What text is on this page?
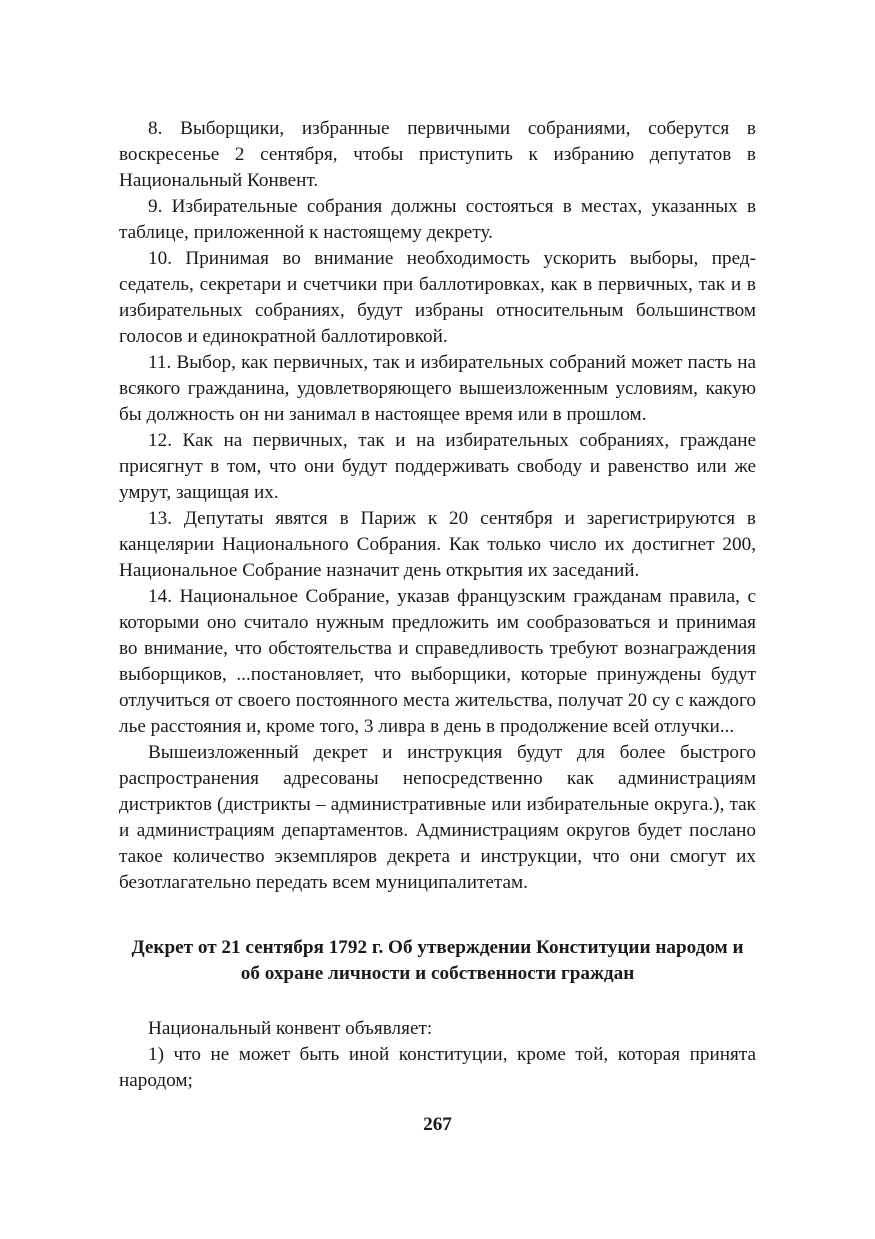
8. Выборщики, избранные первичными собраниями, соберутся в воскресенье 2 сентября, чтобы приступить к избранию депутатов в Национальный Конвент.

9. Избирательные собрания должны состояться в местах, указанных в таблице, приложенной к настоящему декрету.

10. Принимая во внимание необходимость ускорить выборы, председатель, секретари и счетчики при баллотировках, как в первичных, так и в избирательных собраниях, будут избраны относительным большинством голосов и единократной баллотировкой.

11. Выбор, как первичных, так и избирательных собраний может пасть на всякого гражданина, удовлетворяющего вышеизложенным условиям, какую бы должность он ни занимал в настоящее время или в прошлом.

12. Как на первичных, так и на избирательных собраниях, граждане присягнут в том, что они будут поддерживать свободу и равенство или же умрут, защищая их.

13. Депутаты явятся в Париж к 20 сентября и зарегистрируются в канцелярии Национального Собрания. Как только число их достигнет 200, Национальное Собрание назначит день открытия их заседаний.

14. Национальное Собрание, указав французским гражданам правила, с которыми оно считало нужным предложить им сообразоваться и принимая во внимание, что обстоятельства и справедливость требуют вознаграждения выборщиков, ...постановляет, что выборщики, которые принуждены будут отлучиться от своего постоянного места жительства, получат 20 су с каждого лье расстояния и, кроме того, 3 ливра в день в продолжение всей отлучки...

Вышеизложенный декрет и инструкция будут для более быстрого распространения адресованы непосредственно как администрациям дистриктов (дистрикты – административные или избирательные округа.), так и администрациям департаментов. Администрациям округов будет послано такое количество экземпляров декрета и инструкции, что они смогут их безотлагательно передать всем муниципалитетам.

Декрет от 21 сентября 1792 г. Об утверждении Конституции народом и об охране личности и собственности граждан

Национальный конвент объявляет:

1) что не может быть иной конституции, кроме той, которая принята народом;

267
